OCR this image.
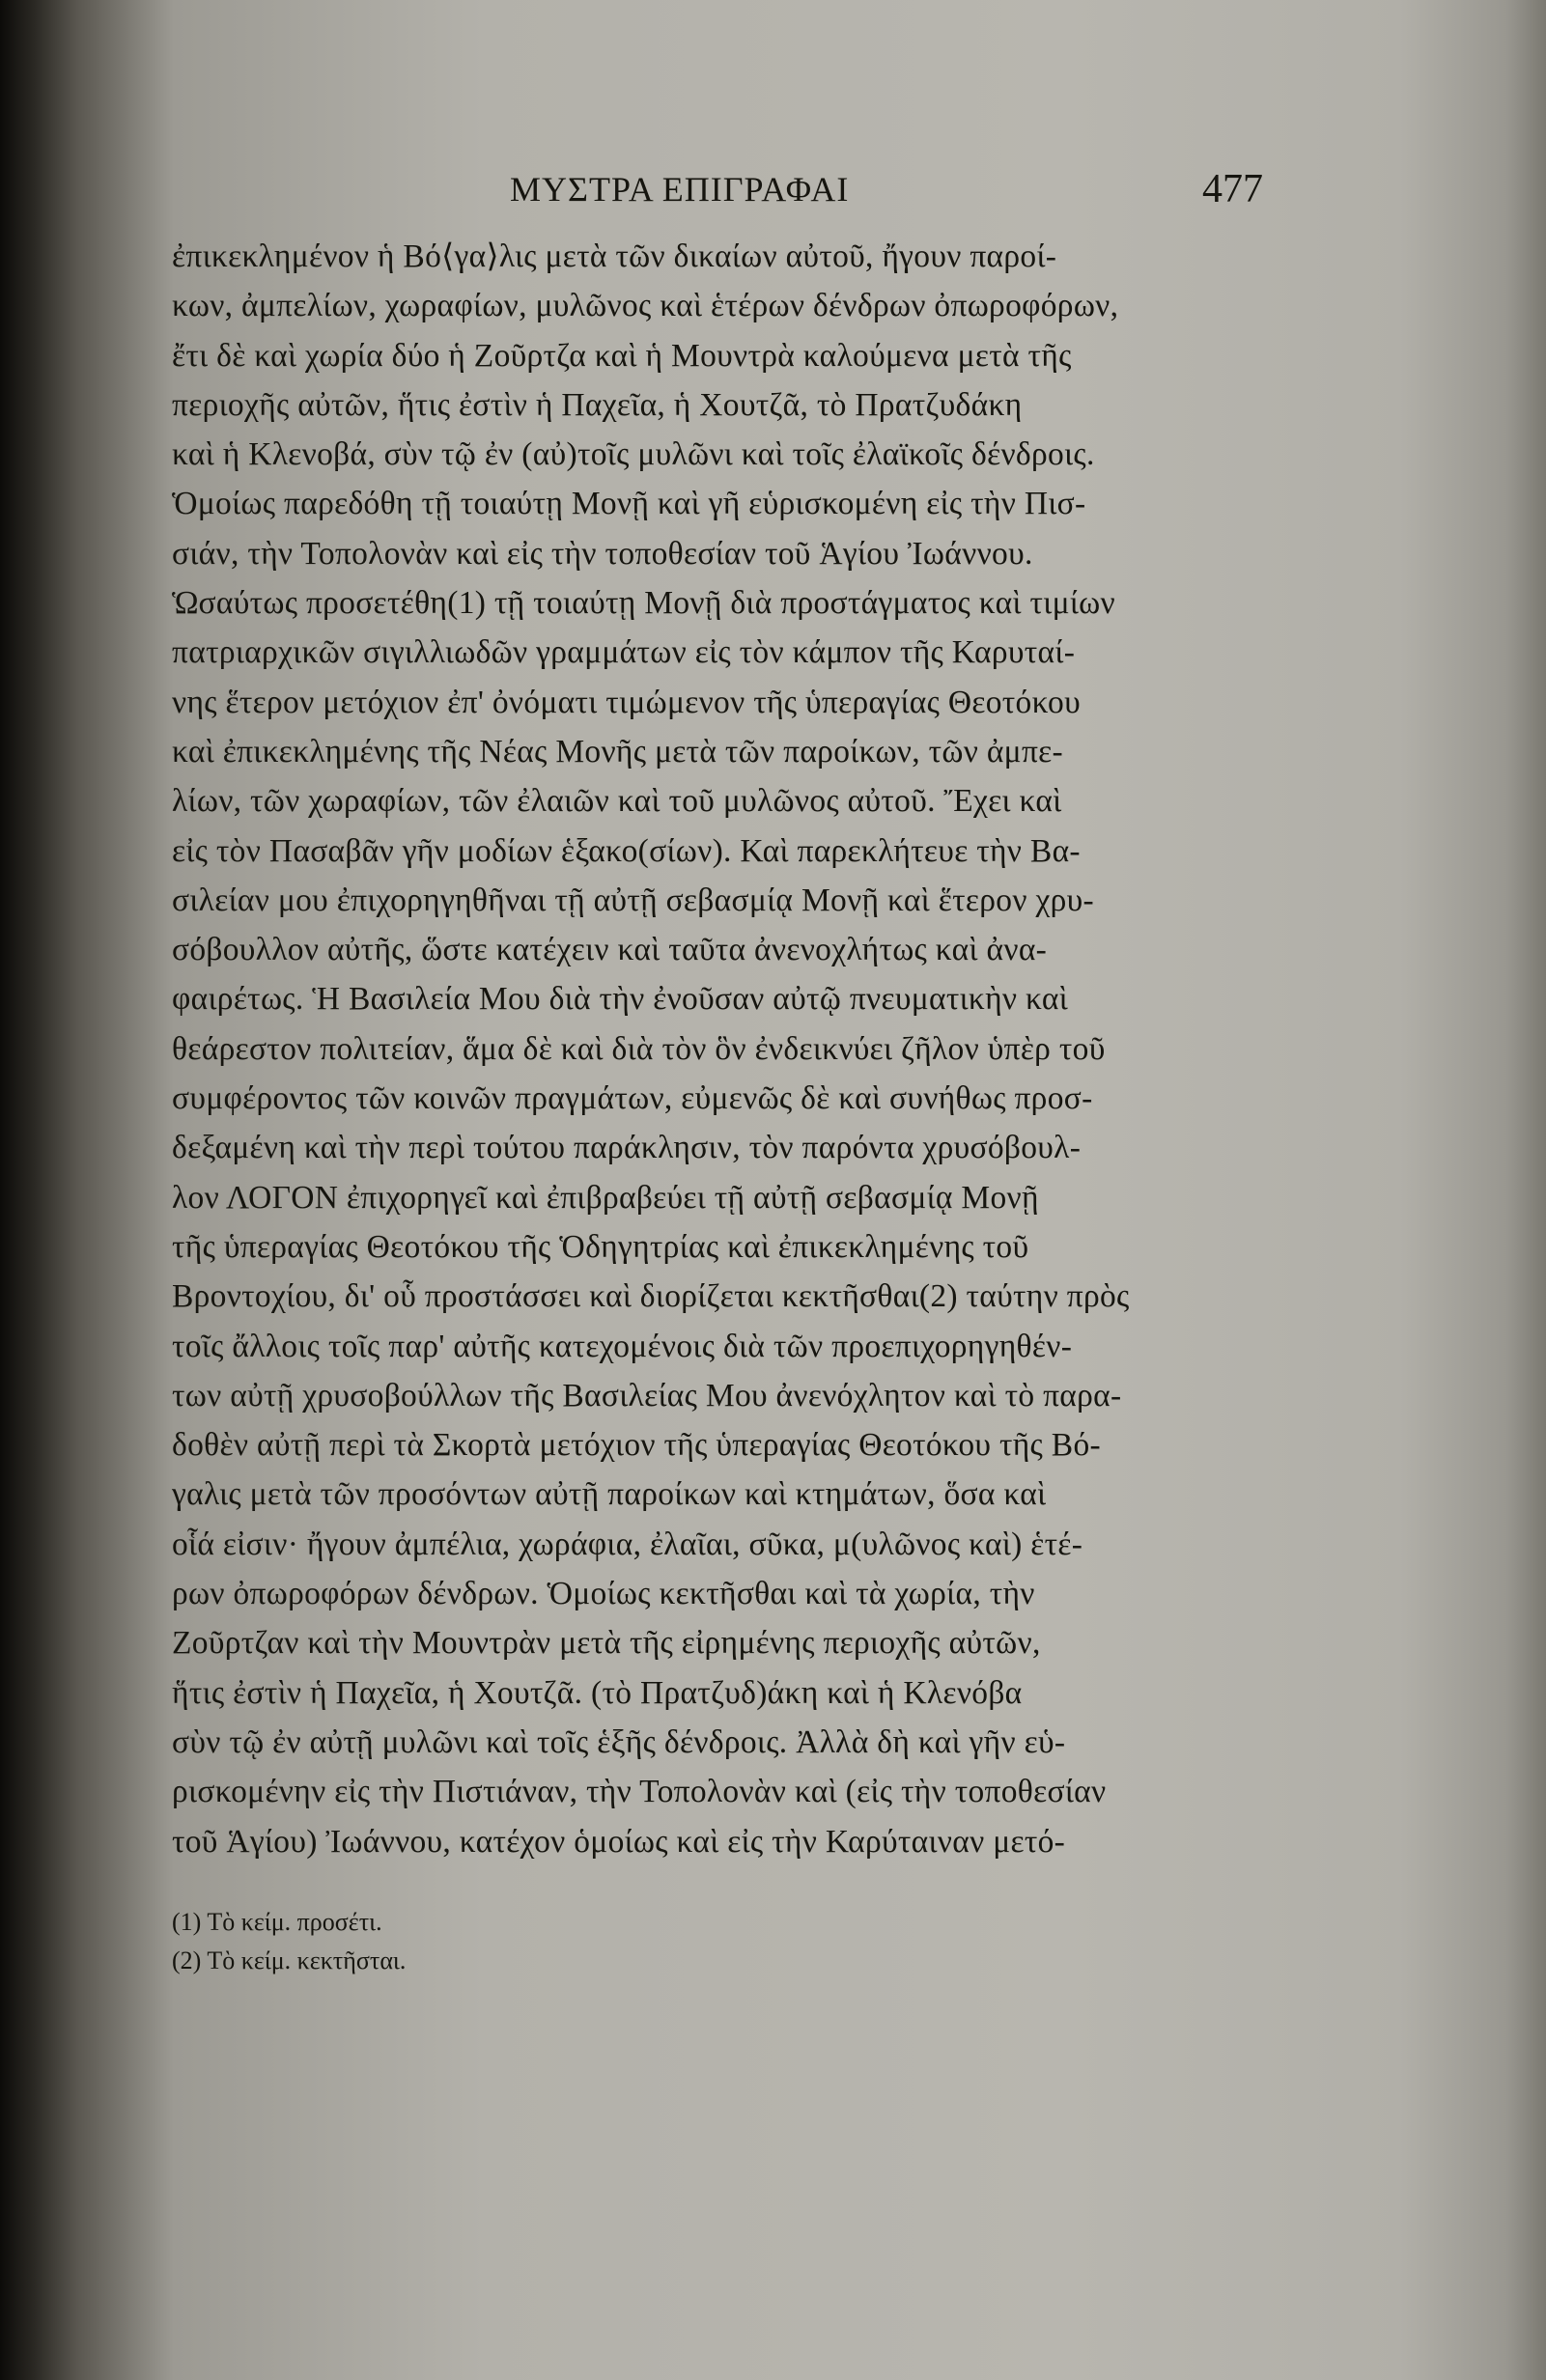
ΜΥΣΤΡΑ ΕΠΙΓΡΑΦΑΙ	477
ἐπικεκλημένον ἡ Βό⟨γα⟩λις μετὰ τῶν δικαίων αὐτοῦ, ἤγουν παροί-
κων, ἀμπελίων, χωραφίων, μυλῶνος καὶ ἑτέρων δένδρων ὀπωροφόρων,
ἔτι δὲ καὶ χωρία δύο ἡ Ζοῦρτζα καὶ ἡ Μουντρὰ καλούμενα μετὰ τῆς
περιοχῆς αὐτῶν, ἥτις ἐστὶν ἡ Παχεῖα, ἡ Χουτζᾶ, τὸ Πρατζυδάκη
καὶ ἡ Κλενοβά, σὺν τῷ ἐν (αὐ)τοῖς μυλῶνι καὶ τοῖς ἐλαϊκοῖς δένδροις.
Ὁμοίως παρεδόθη τῇ τοιαύτῃ Μονῇ καὶ γῆ εὑρισκομένη εἰς τὴν Πισ-
σιάν, τὴν Τοπολονὰν καὶ εἰς τὴν τοποθεσίαν τοῦ Ἁγίου Ἰωάννου.
Ὡσαύτως προσετέθη(1) τῇ τοιαύτῃ Μονῇ διὰ προστάγματος καὶ τιμίων
πατριαρχικῶν σιγιλλιωδῶν γραμμάτων εἰς τὸν κάμπον τῆς Καρυταί-
νης ἕτερον μετόχιον ἐπ' ὀνόματι τιμώμενον τῆς ὑπεραγίας Θεοτόκου
καὶ ἐπικεκλημένης τῆς Νέας Μονῆς μετὰ τῶν παροίκων, τῶν ἀμπε-
λίων, τῶν χωραφίων, τῶν ἐλαιῶν καὶ τοῦ μυλῶνος αὐτοῦ. Ἔχει καὶ
εἰς τὸν Πασαβᾶν γῆν μοδίων ἑξακο(σίων). Καὶ παρεκλήτευε τὴν Βα-
σιλείαν μου ἐπιχορηγηθῆναι τῇ αὐτῇ σεβασμίᾳ Μονῇ καὶ ἕτερον χρυ-
σόβουλλον αὐτῆς, ὥστε κατέχειν καὶ ταῦτα ἀνενοχλήτως καὶ ἀνα-
φαιρέτως. Ἡ Βασιλεία Μου διὰ τὴν ἐνοῦσαν αὐτῷ πνευματικὴν καὶ
θεάρεστον πολιτείαν, ἅμα δὲ καὶ διὰ τὸν ὃν ἐνδεικνύει ζῆλον ὑπὲρ τοῦ
συμφέροντος τῶν κοινῶν πραγμάτων, εὐμενῶς δὲ καὶ συνήθως προσ-
δεξαμένη καὶ τὴν περὶ τούτου παράκλησιν, τὸν παρόντα χρυσόβουλ-
λον ΛΟΓΟΝ ἐπιχορηγεῖ καὶ ἐπιβραβεύει τῇ αὐτῇ σεβασμίᾳ Μονῇ
τῆς ὑπεραγίας Θεοτόκου τῆς Ὁδηγητρίας καὶ ἐπικεκλημένης τοῦ
Βροντοχίου, δι' οὗ προστάσσει καὶ διορίζεται κεκτῆσθαι(2) ταύτην πρὸς
τοῖς ἄλλοις τοῖς παρ' αὐτῆς κατεχομένοις διὰ τῶν προεπιχορηγηθέν-
των αὐτῇ χρυσοβούλλων τῆς Βασιλείας Μου ἀνενόχλητον καὶ τὸ παρα-
δοθὲν αὐτῇ περὶ τὰ Σκορτὰ μετόχιον τῆς ὑπεραγίας Θεοτόκου τῆς Βό-
γαλις μετὰ τῶν προσόντων αὐτῇ παροίκων καὶ κτημάτων, ὅσα καὶ
οἷά εἰσιν· ἤγουν ἀμπέλια, χωράφια, ἐλαῖαι, σῦκα, μ(υλῶνος καὶ) ἑτέ-
ρων ὀπωροφόρων δένδρων. Ὁμοίως κεκτῆσθαι καὶ τὰ χωρία, τὴν
Ζοῦρτζαν καὶ τὴν Μουντρὰν μετὰ τῆς εἰρημένης περιοχῆς αὐτῶν,
ἥτις ἐστὶν ἡ Παχεῖα, ἡ Χουτζᾶ. (τὸ Πρατζυδ)άκη καὶ ἡ Κλενόβα
σὺν τῷ ἐν αὐτῇ μυλῶνι καὶ τοῖς ἑξῆς δένδροις. Ἀλλὰ δὴ καὶ γῆν εὑ-
ρισκομένην εἰς τὴν Πιστιάναν, τὴν Τοπολονὰν καὶ (εἰς τὴν τοποθεσίαν
τοῦ Ἁγίου) Ἰωάννου, κατέχον ὁμοίως καὶ εἰς τὴν Καρύταιναν μετό-
(1) Τὸ κείμ. προσέτι.
(2) Τὸ κείμ. κεκτῆσται.
